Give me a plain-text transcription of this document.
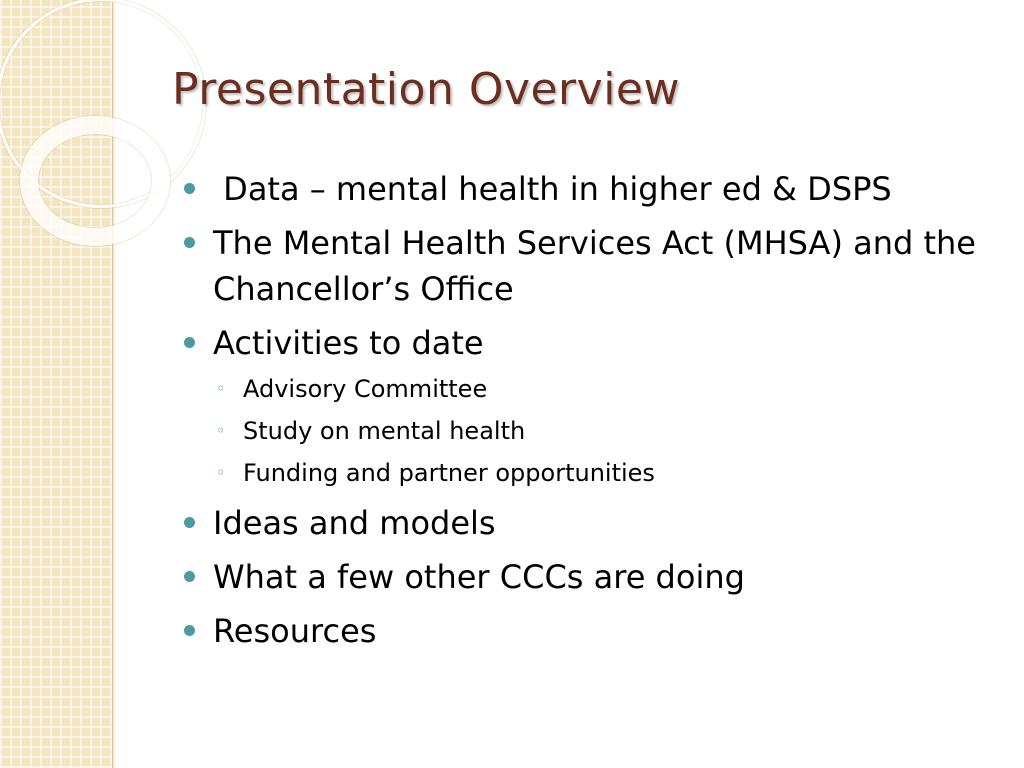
Presentation Overview
Data – mental health in higher ed & DSPS
The Mental Health Services Act (MHSA) and the Chancellor’s Office
Activities to date
◦ Advisory Committee
◦ Study on mental health
◦ Funding and partner opportunities
Ideas and models
What a few other CCCs are doing
Resources
